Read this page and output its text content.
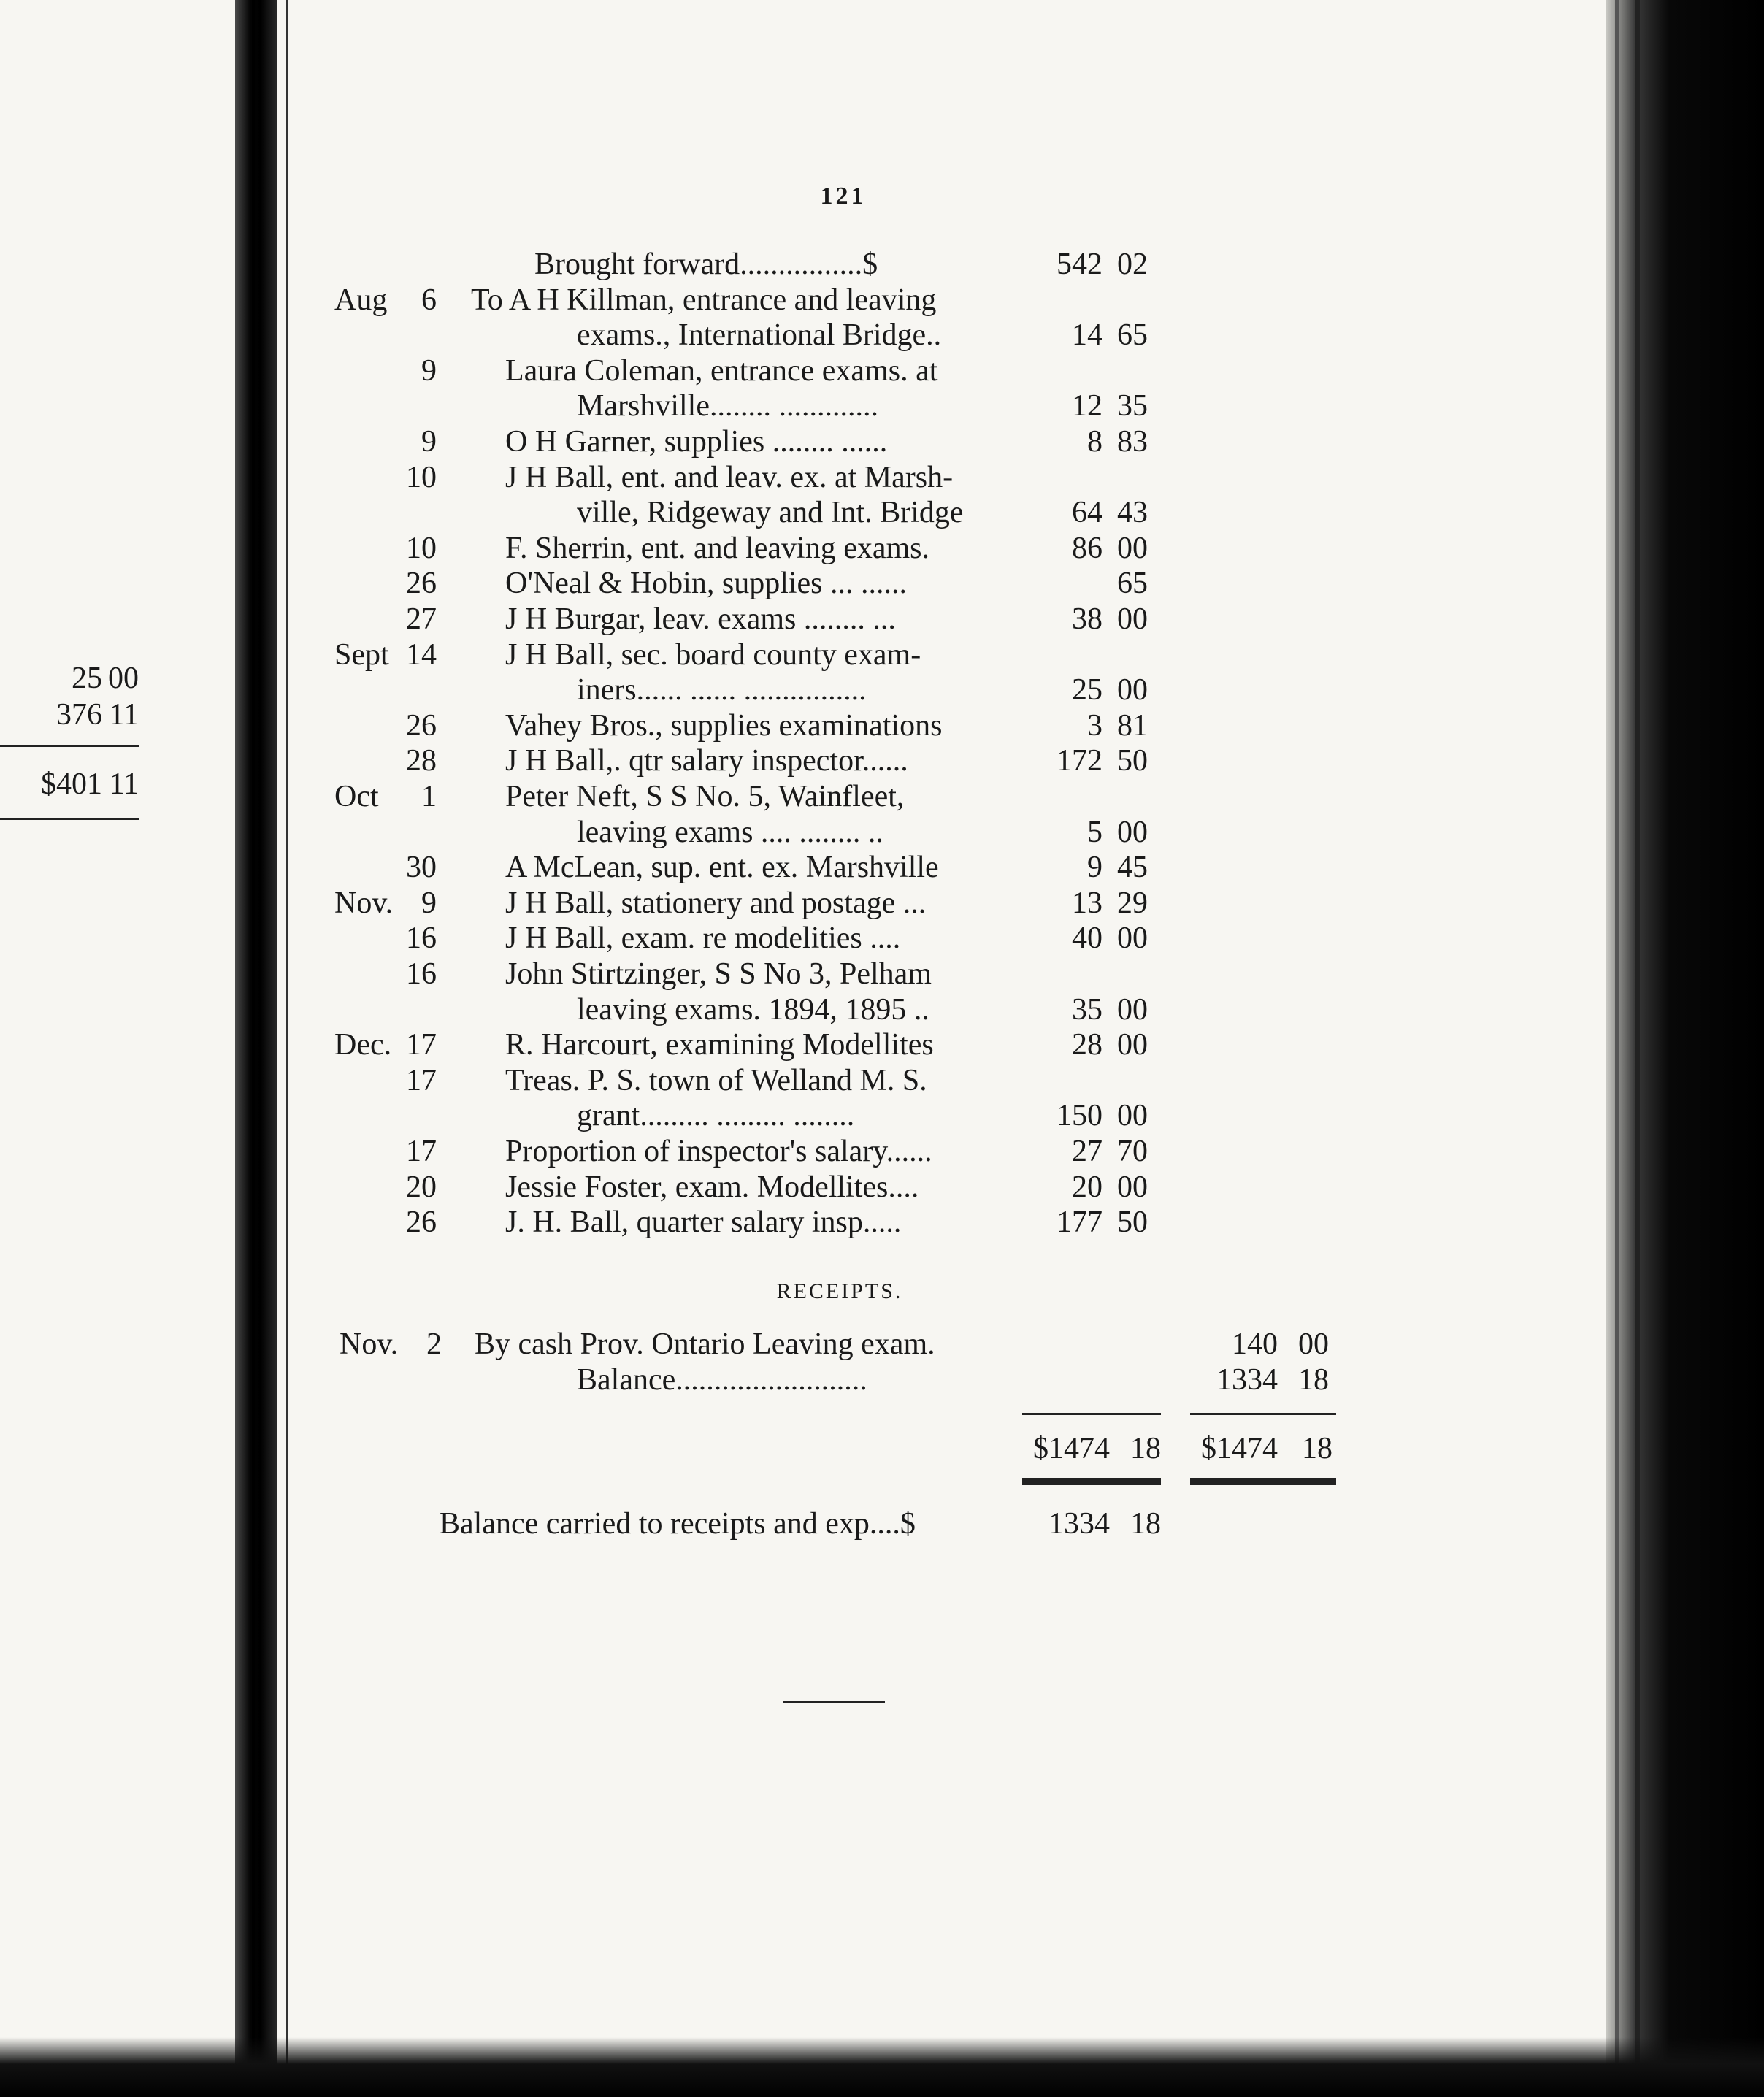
25 00
376 11
$401 11
121
Brought forward................$	542 02
Aug	6 To A H Killman, entrance and leaving
exams., International Bridge..	14 65
9 Laura Coleman, entrance exams. at
Marshville........ .............	12 35
9 O H Garner, supplies ........ ......	8 83
10 J H Ball, ent. and leav. ex. at Marsh-
ville, Ridgeway and Int. Bridge	64 43
10 F. Sherrin, ent. and leaving exams.	86 00
26 O'Neal & Hobin, supplies ... ......	65
27 J H Burgar, leav. exams ........ ...	38 00
Sept 14 J H Ball, sec. board county exam-
iners...... ...... ................	25 00
26 Vahey Bros., supplies examinations	3 81
28 J H Ball,. qtr salary inspector......	172 50
Oct	1 Peter Neft, S S No. 5, Wainfleet,
leaving exams .... ........ ..	5 00
30 A McLean, sup. ent. ex. Marshville	9 45
Nov. 9 J H Ball, stationery and postage ...	13 29
16 J H Ball, exam. re modelities ....	40 00
16 John Stirtzinger, S S No 3, Pelham
leaving exams. 1894, 1895 ..	35 00
Dec. 17 R. Harcourt, examining Modellites	28 00
17 Treas. P. S. town of Welland M. S.
grant......... ......... ........	150 00
17 Proportion of inspector's salary......	27 70
20 Jessie Foster, exam. Modellites....	20 00
26 J. H. Ball, quarter salary insp.....	177 50
RECEIPTS.
Nov. 2 By cash Prov. Ontario Leaving exam.	140 00
Balance.........................	1334 18
$1474 18	$1474 18
Balance carried to receipts and exp....$	1334 18
